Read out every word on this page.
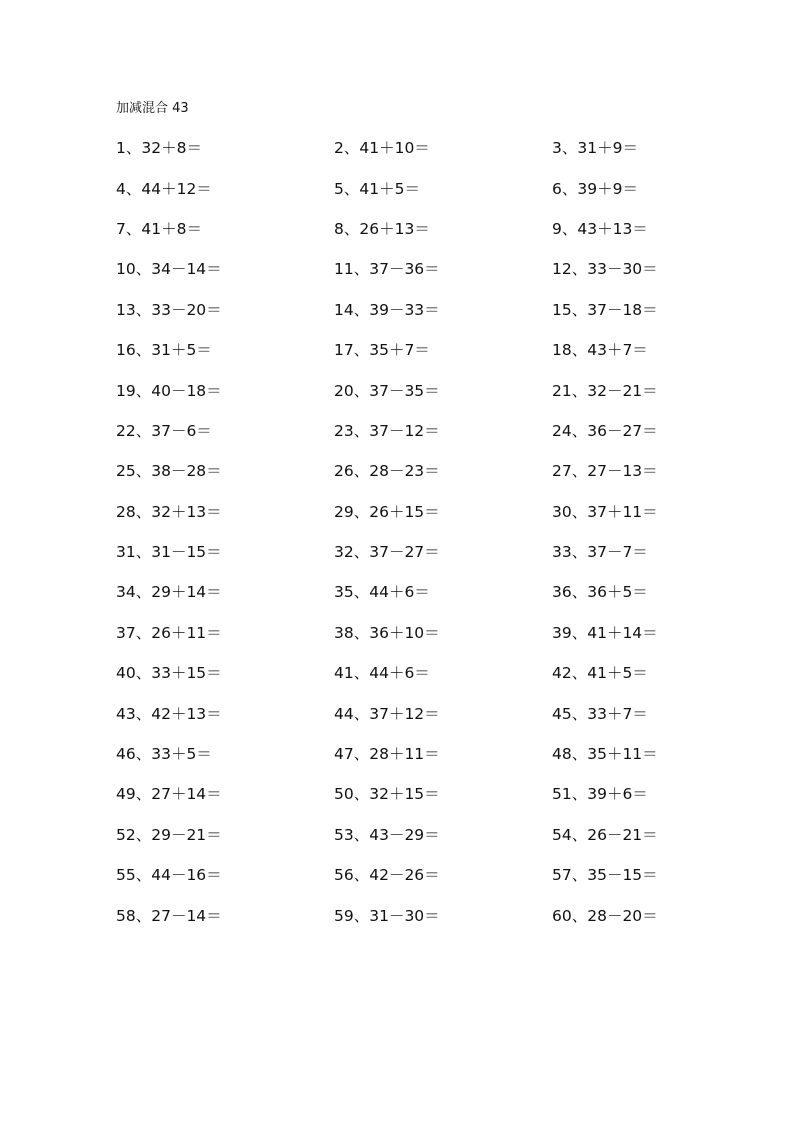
加减混合 43
1、32＋8＝	2、41＋10＝	3、31＋9＝
4、44＋12＝	5、41＋5＝	6、39＋9＝
7、41＋8＝	8、26＋13＝	9、43＋13＝
10、34－14＝	11、37－36＝	12、33－30＝
13、33－20＝	14、39－33＝	15、37－18＝
16、31＋5＝	17、35＋7＝	18、43＋7＝
19、40－18＝	20、37－35＝	21、32－21＝
22、37－6＝	23、37－12＝	24、36－27＝
25、38－28＝	26、28－23＝	27、27－13＝
28、32＋13＝	29、26＋15＝	30、37＋11＝
31、31－15＝	32、37－27＝	33、37－7＝
34、29＋14＝	35、44＋6＝	36、36＋5＝
37、26＋11＝	38、36＋10＝	39、41＋14＝
40、33＋15＝	41、44＋6＝	42、41＋5＝
43、42＋13＝	44、37＋12＝	45、33＋7＝
46、33＋5＝	47、28＋11＝	48、35＋11＝
49、27＋14＝	50、32＋15＝	51、39＋6＝
52、29－21＝	53、43－29＝	54、26－21＝
55、44－16＝	56、42－26＝	57、35－15＝
58、27－14＝	59、31－30＝	60、28－20＝
